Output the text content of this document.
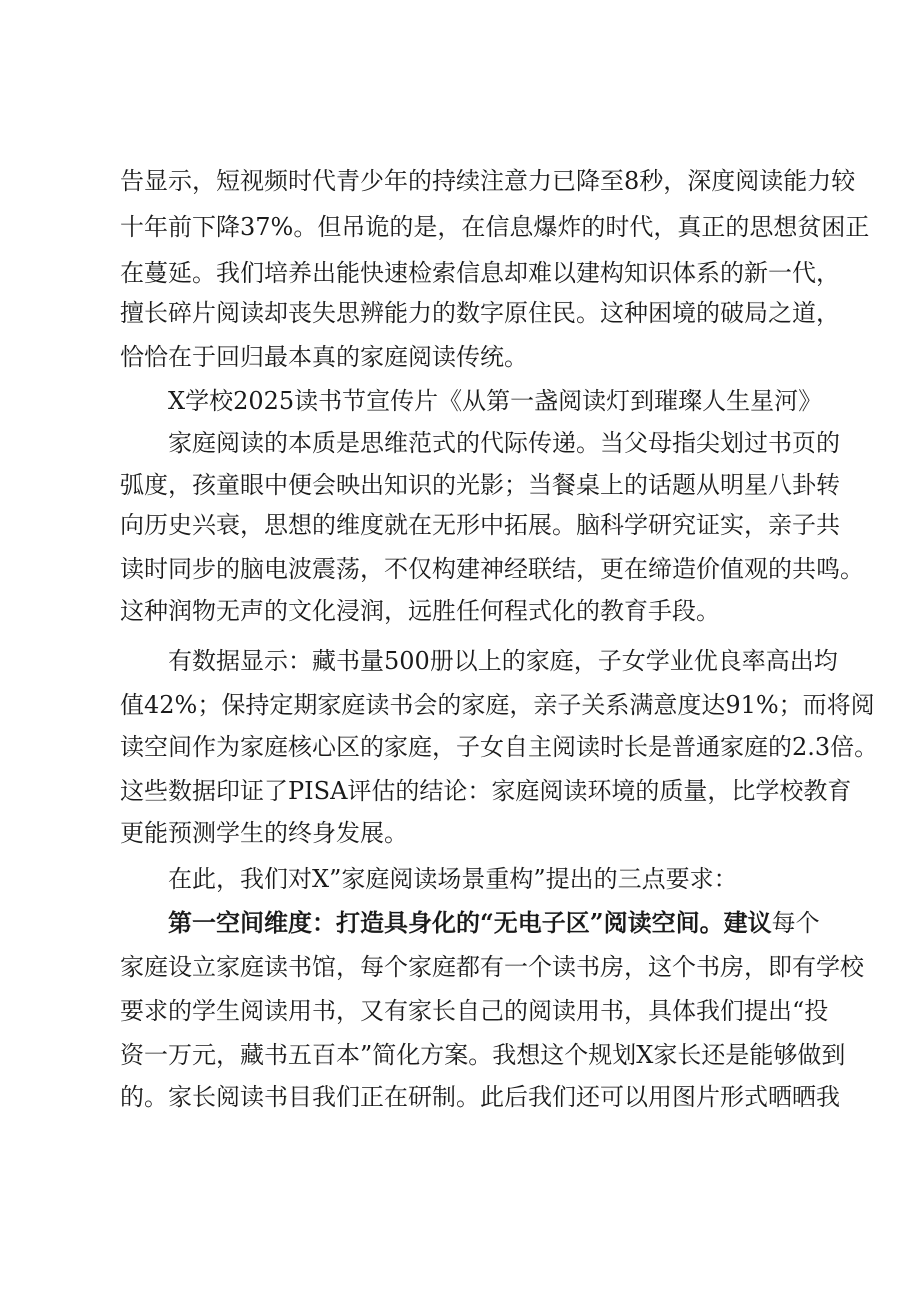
告显示，短视频时代青少年的持续注意力已降至8秒，深度阅读能力较

十年前下降37%。但吊诡的是，在信息爆炸的时代，真正的思想贫困正

在蔓延。我们培养出能快速检索信息却难以建构知识体系的新一代，

擅长碎片阅读却丧失思辨能力的数字原住民。这种困境的破局之道，

恰恰在于回归最本真的家庭阅读传统。

X学校2025读书节宣传片《从第一盏阅读灯到璀璨人生星河》

家庭阅读的本质是思维范式的代际传递。当父母指尖划过书页的

弧度，孩童眼中便会映出知识的光影；当餐桌上的话题从明星八卦转

向历史兴衰，思想的维度就在无形中拓展。脑科学研究证实，亲子共

读时同步的脑电波震荡，不仅构建神经联结，更在缔造价值观的共鸣。

这种润物无声的文化浸润，远胜任何程式化的教育手段。

有数据显示：藏书量500册以上的家庭，子女学业优良率高出均

值42%；保持定期家庭读书会的家庭，亲子关系满意度达91%；而将阅

读空间作为家庭核心区的家庭，子女自主阅读时长是普通家庭的2.3倍。

这些数据印证了PISA评估的结论：家庭阅读环境的质量，比学校教育

更能预测学生的终身发展。

在此，我们对X”家庭阅读场景重构”提出的三点要求：

第一空间维度：打造具身化的“无电子区”阅读空间。建议每个

家庭设立家庭读书馆，每个家庭都有一个读书房，这个书房，即有学校

要求的学生阅读用书，又有家长自己的阅读用书，具体我们提出“投

资一万元，藏书五百本”简化方案。我想这个规划X家长还是能够做到

的。家长阅读书目我们正在研制。此后我们还可以用图片形式晒晒我
